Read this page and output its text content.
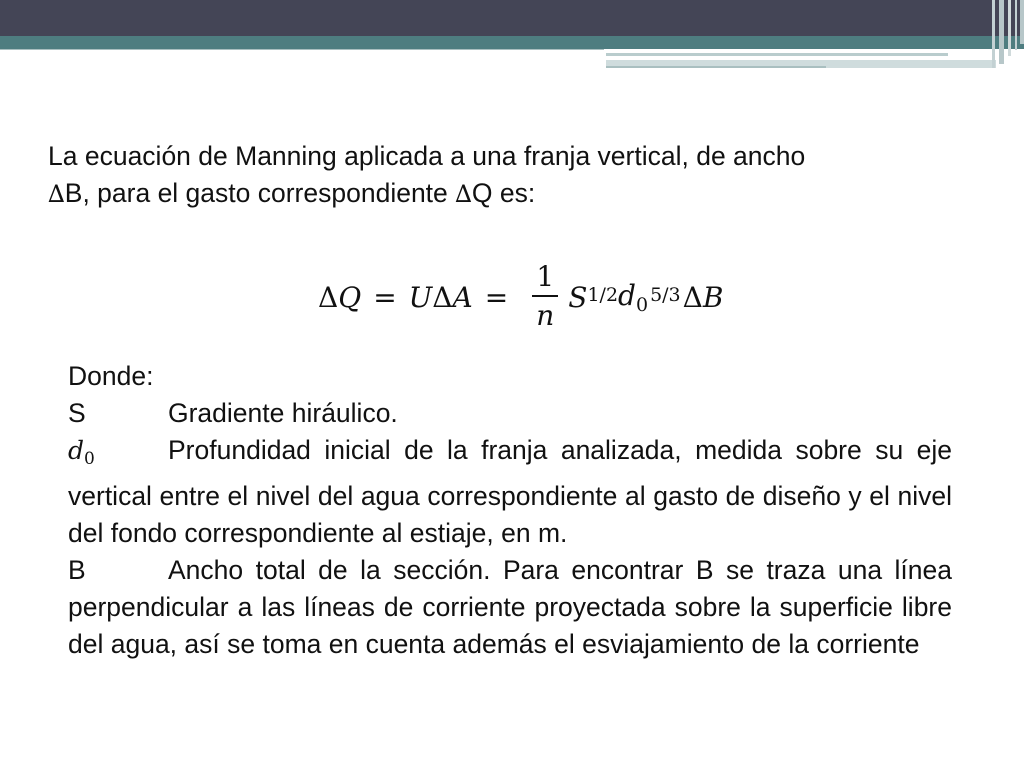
La ecuación de Manning aplicada a una franja vertical, de ancho
∆B, para el gasto correspondiente ∆Q es:
Δ Q = U Δ $A = \frac{1}{n} S^{1/2}$ $d_0^{5/3}$ Δ B
Donde:
S	Gradiente hiráulico.
$d_0$	Profundidad inicial de la franja analizada, medida sobre su eje vertical entre el nivel del agua correspondiente al gasto de diseño y el nivel del fondo correspondiente al estiaje, en m.
B	Ancho total de la sección. Para encontrar B se traza una línea perpendicular a las líneas de corriente proyectada sobre la superficie libre del agua, así se toma en cuenta además el esviajamiento de la corriente
